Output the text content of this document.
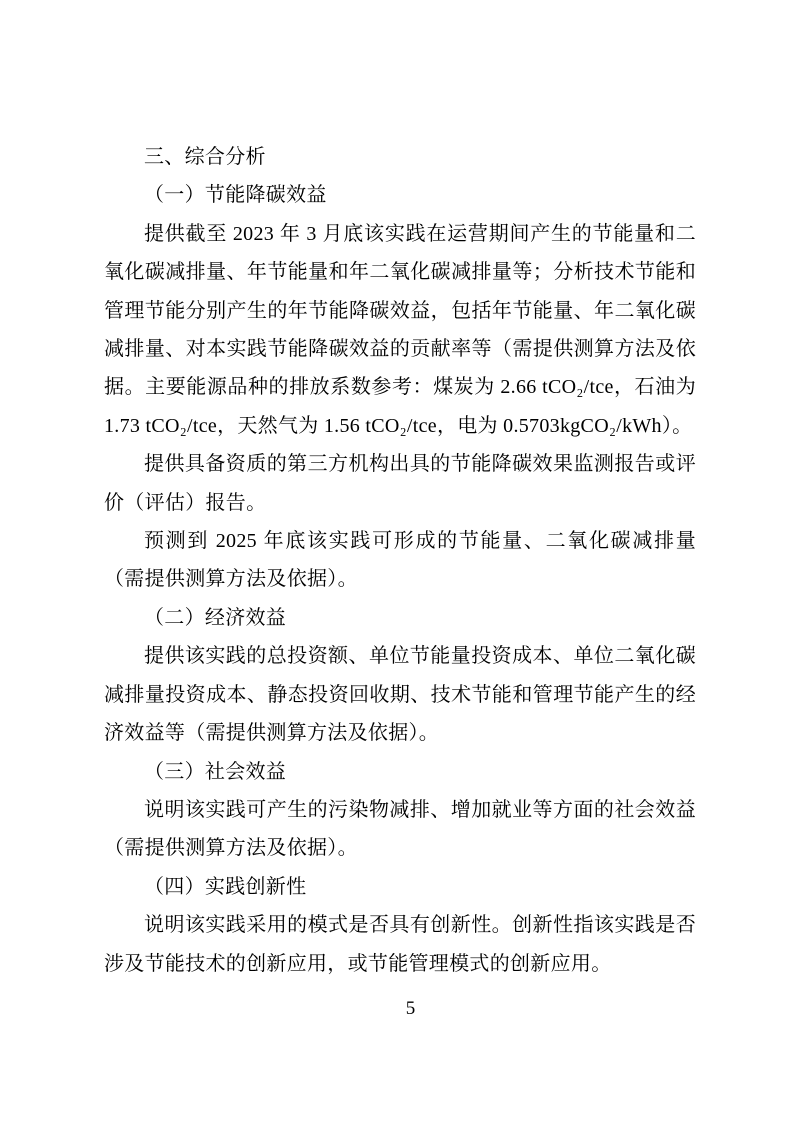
三、综合分析

（一）节能降碳效益

提供截至 2023 年 3 月底该实践在运营期间产生的节能量和二氧化碳减排量、年节能量和年二氧化碳减排量等；分析技术节能和管理节能分别产生的年节能降碳效益，包括年节能量、年二氧化碳减排量、对本实践节能降碳效益的贡献率等（需提供测算方法及依据。主要能源品种的排放系数参考：煤炭为 2.66 tCO₂/tce，石油为 1.73 tCO₂/tce，天然气为 1.56 tCO₂/tce，电为 0.5703kgCO₂/kWh）。

提供具备资质的第三方机构出具的节能降碳效果监测报告或评价（评估）报告。

预测到 2025 年底该实践可形成的节能量、二氧化碳减排量（需提供测算方法及依据）。

（二）经济效益

提供该实践的总投资额、单位节能量投资成本、单位二氧化碳减排量投资成本、静态投资回收期、技术节能和管理节能产生的经济效益等（需提供测算方法及依据）。

（三）社会效益

说明该实践可产生的污染物减排、增加就业等方面的社会效益（需提供测算方法及依据）。

（四）实践创新性

说明该实践采用的模式是否具有创新性。创新性指该实践是否涉及节能技术的创新应用，或节能管理模式的创新应用。

5
